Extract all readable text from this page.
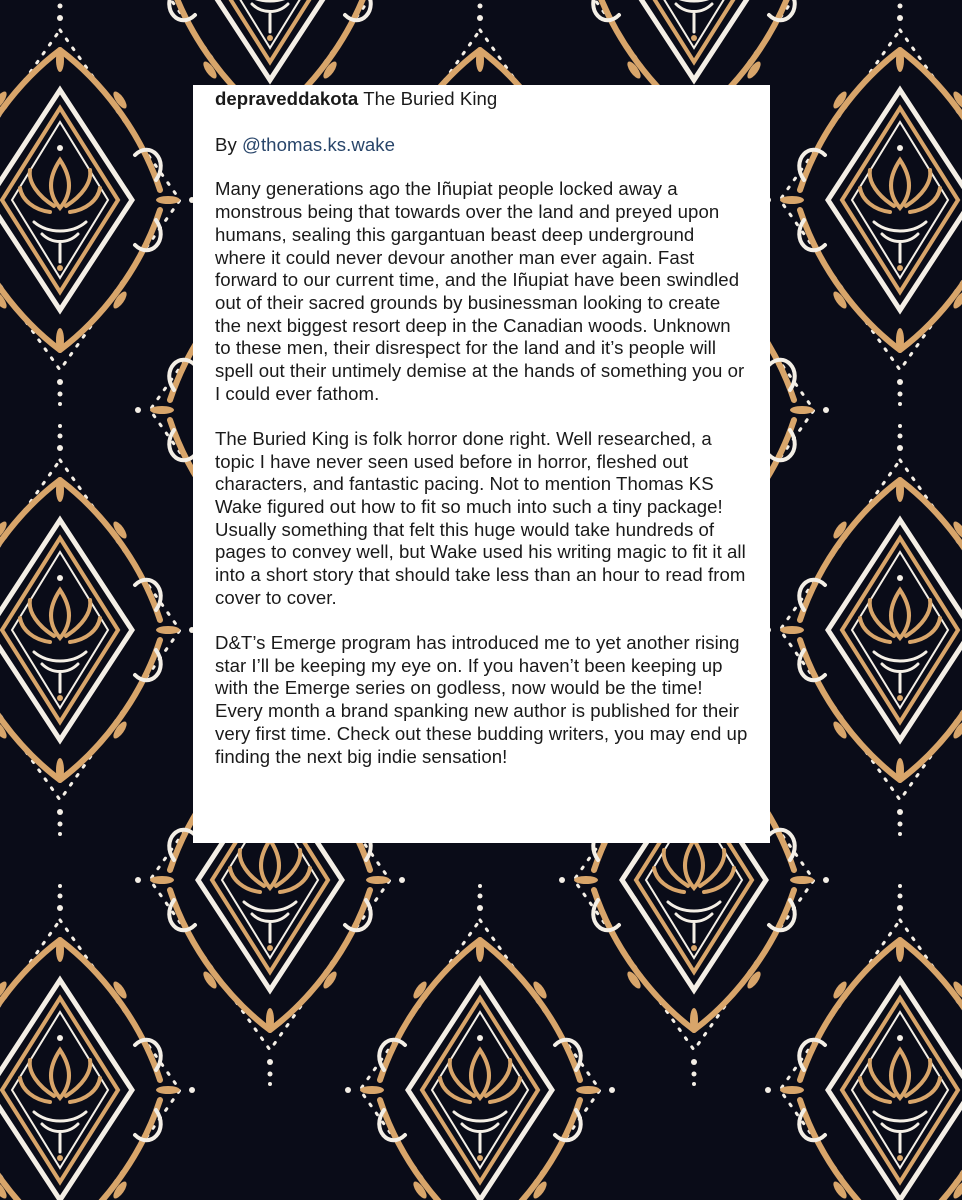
depraveddakota The Buried King

By @thomas.ks.wake

Many generations ago the Iñupiat people locked away a monstrous being that towards over the land and preyed upon humans, sealing this gargantuan beast deep underground where it could never devour another man ever again. Fast forward to our current time, and the Iñupiat have been swindled out of their sacred grounds by businessman looking to create the next biggest resort deep in the Canadian woods. Unknown to these men, their disrespect for the land and it’s people will spell out their untimely demise at the hands of something you or I could ever fathom.

The Buried King is folk horror done right. Well researched, a topic I have never seen used before in horror, fleshed out characters, and fantastic pacing. Not to mention Thomas KS Wake figured out how to fit so much into such a tiny package! Usually something that felt this huge would take hundreds of pages to convey well, but Wake used his writing magic to fit it all into a short story that should take less than an hour to read from cover to cover.

D&T’s Emerge program has introduced me to yet another rising star I’ll be keeping my eye on. If you haven’t been keeping up with the Emerge series on godless, now would be the time! Every month a brand spanking new author is published for their very first time. Check out these budding writers, you may end up finding the next big indie sensation!
